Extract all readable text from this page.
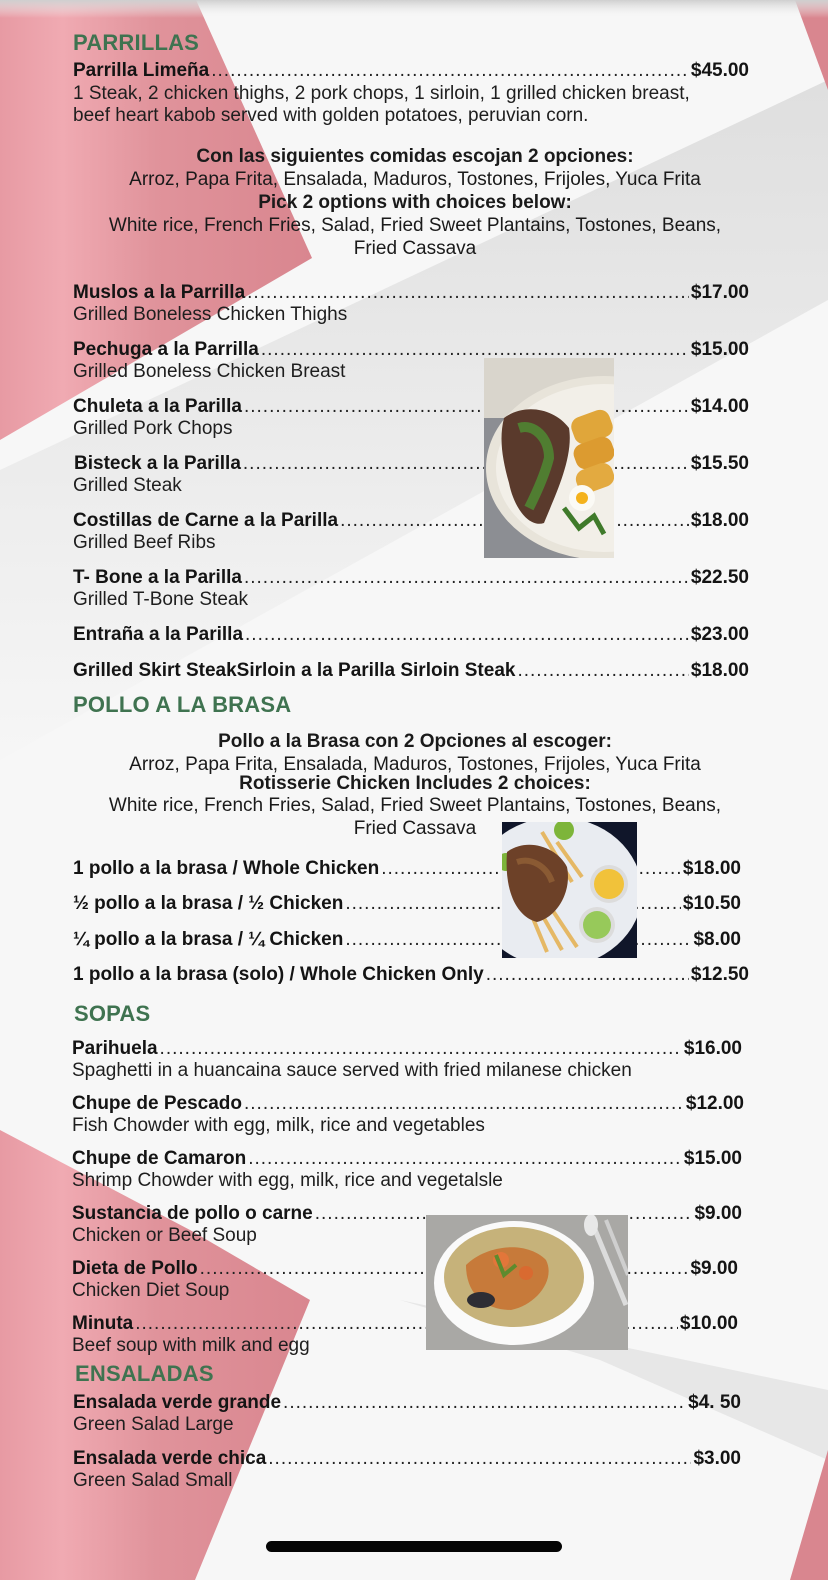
PARRILLAS
Parrilla Limeña .....	$45.00
1 Steak, 2 chicken thighs, 2 pork chops, 1 sirloin, 1 grilled chicken breast,
beef heart kabob served with golden potatoes, peruvian corn.
Con las siguientes comidas escojan 2 opciones:
Arroz, Papa Frita, Ensalada, Maduros, Tostones, Frijoles, Yuca Frita
Pick 2 options with choices below:
White rice, French Fries, Salad, Fried Sweet Plantains, Tostones, Beans,
Fried Cassava
Muslos a la Parrilla .....	$17.00
Grilled Boneless Chicken Thighs
Pechuga a la Parrilla .....	$15.00
Grilled Boneless Chicken Breast
Chuleta a la Parilla .....	$14.00
Grilled Pork Chops
Bisteck a la Parilla .....	$15.50
Grilled Steak
Costillas de Carne a la Parilla .....	$18.00
Grilled Beef Ribs
T- Bone a la Parilla .....	$22.50
Grilled T-Bone Steak
Entraña a la Parilla .....	$23.00
Grilled Skirt SteakSirloin a la Parilla Sirloin Steak .....	$18.00
POLLO A LA BRASA
Pollo a la Brasa con 2 Opciones al escoger:
Arroz, Papa Frita, Ensalada, Maduros, Tostones, Frijoles, Yuca Frita
Rotisserie Chicken Includes 2 choices:
White rice, French Fries, Salad, Fried Sweet Plantains, Tostones, Beans,
Fried Cassava
1 pollo a la brasa / Whole Chicken .....	$18.00
½ pollo a la brasa / ½ Chicken .....	$10.50
¼ pollo a la brasa / ¼ Chicken .....	$8.00
1 pollo a la brasa (solo) / Whole Chicken Only .....	$12.50
SOPAS
Parihuela .....	$16.00
Spaghetti in a huancaina sauce served with fried milanese chicken
Chupe de Pescado .....	$12.00
Fish Chowder with egg, milk, rice and vegetables
Chupe de Camaron .....	$15.00
Shrimp Chowder with egg, milk, rice and vegetalsle
Sustancia de pollo o carne .....	$9.00
Chicken or Beef Soup
Dieta de Pollo .....	$9.00
Chicken Diet Soup
Minuta .....	$10.00
Beef soup with milk and egg
ENSALADAS
Ensalada verde grande .....	$4. 50
Green Salad Large
Ensalada verde chica .....	$3.00
Green Salad Small
